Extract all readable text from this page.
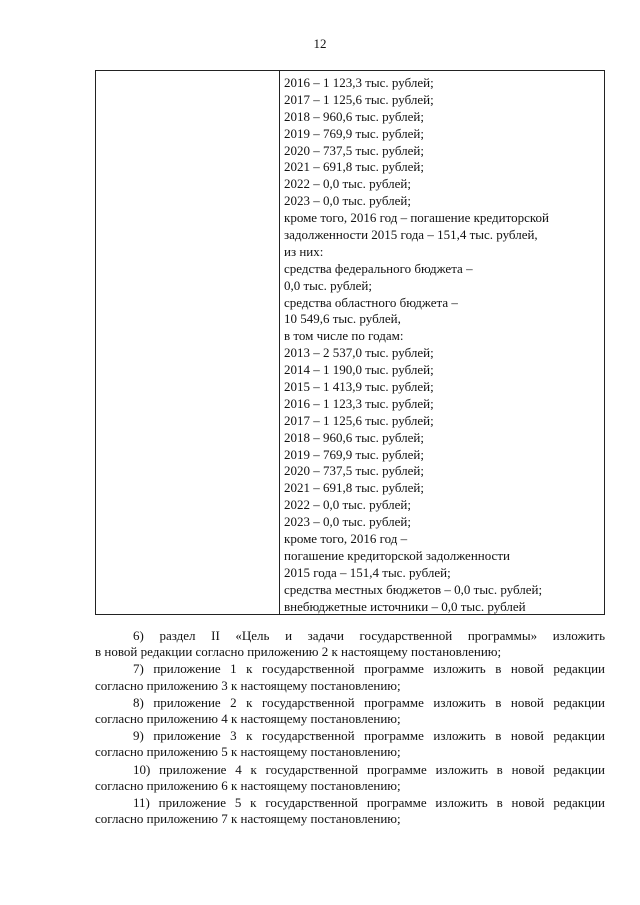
12
2016 – 1 123,3 тыс. рублей;
2017 – 1 125,6 тыс. рублей;
2018 – 960,6 тыс. рублей;
2019 – 769,9 тыс. рублей;
2020 – 737,5 тыс. рублей;
2021 – 691,8 тыс. рублей;
2022 – 0,0 тыс. рублей;
2023 – 0,0 тыс. рублей;
кроме того, 2016 год – погашение кредиторской
задолженности 2015 года – 151,4 тыс. рублей,
из них:
средства федерального бюджета –
0,0 тыс. рублей;
средства областного бюджета –
10 549,6 тыс. рублей,
в том числе по годам:
2013 – 2 537,0 тыс. рублей;
2014 – 1 190,0 тыс. рублей;
2015 – 1 413,9 тыс. рублей;
2016 – 1 123,3 тыс. рублей;
2017 – 1 125,6 тыс. рублей;
2018 – 960,6 тыс. рублей;
2019 – 769,9 тыс. рублей;
2020 – 737,5 тыс. рублей;
2021 – 691,8 тыс. рублей;
2022 – 0,0 тыс. рублей;
2023 – 0,0 тыс. рублей;
кроме того, 2016 год –
погашение кредиторской задолженности
2015 года – 151,4 тыс. рублей;
средства местных бюджетов – 0,0 тыс. рублей;
внебюджетные источники – 0,0 тыс. рублей
6) раздел II «Цель и задачи государственной программы» изложить
в новой редакции согласно приложению 2 к настоящему постановлению;
7) приложение 1 к государственной программе изложить в новой редакции
согласно приложению 3 к настоящему постановлению;
8) приложение 2 к государственной программе изложить в новой редакции
согласно приложению 4 к настоящему постановлению;
9) приложение 3 к государственной программе изложить в новой редакции
согласно приложению 5 к настоящему постановлению;
10) приложение 4 к государственной программе изложить в новой редакции
согласно приложению 6 к настоящему постановлению;
11) приложение 5 к государственной программе изложить в новой редакции
согласно приложению 7 к настоящему постановлению;
